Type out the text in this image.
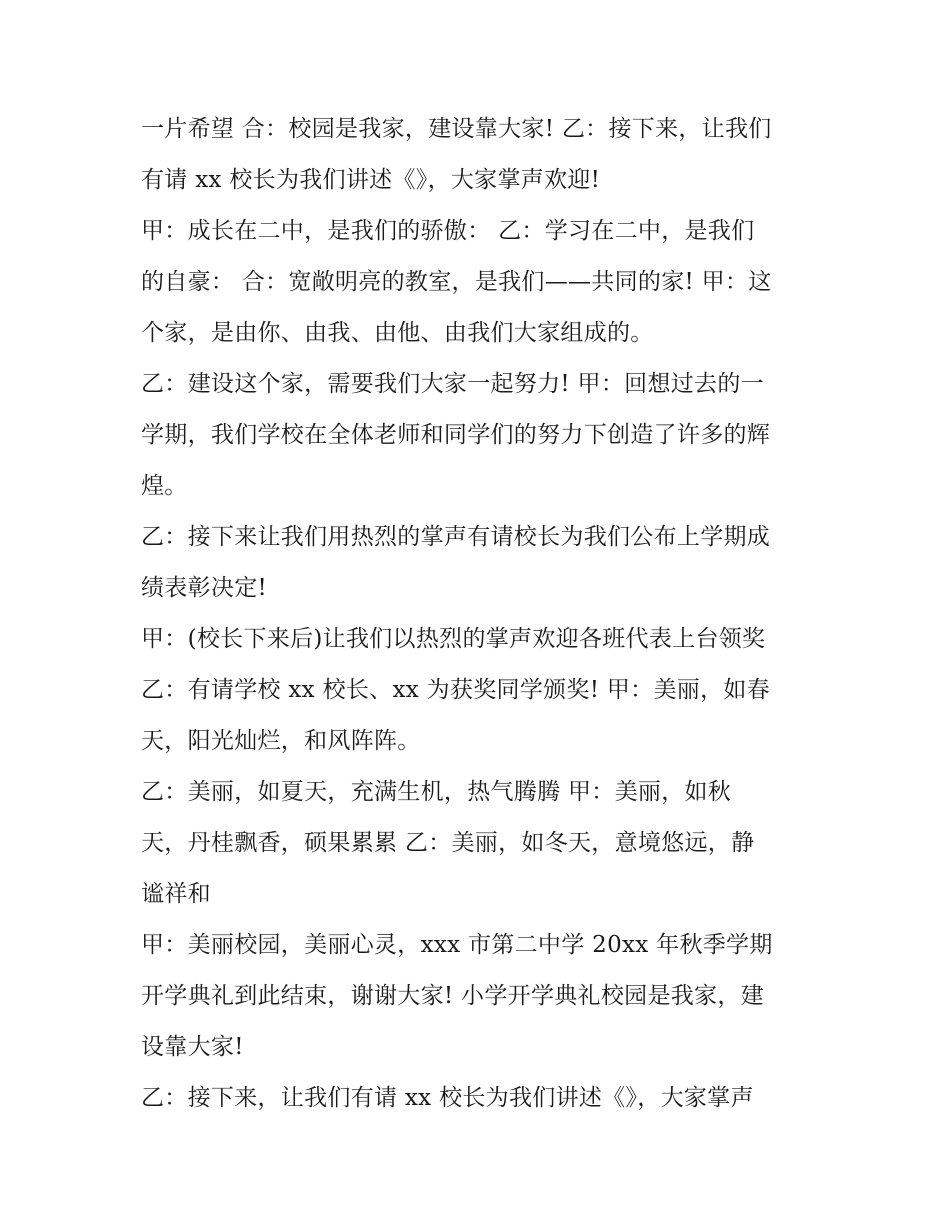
一片希望 合：校园是我家，建设靠大家! 乙：接下来，让我们
有请 xx 校长为我们讲述《》，大家掌声欢迎!
甲：成长在二中，是我们的骄傲： 乙：学习在二中，是我们
的自豪： 合：宽敞明亮的教室，是我们——共同的家! 甲：这
个家，是由你、由我、由他、由我们大家组成的。
乙：建设这个家，需要我们大家一起努力! 甲：回想过去的一
学期，我们学校在全体老师和同学们的努力下创造了许多的辉
煌。
乙：接下来让我们用热烈的掌声有请校长为我们公布上学期成
绩表彰决定!
甲：(校长下来后)让我们以热烈的掌声欢迎各班代表上台领奖
乙：有请学校 xx 校长、xx 为获奖同学颁奖! 甲：美丽，如春
天，阳光灿烂，和风阵阵。
乙：美丽，如夏天，充满生机，热气腾腾 甲：美丽，如秋
天，丹桂飘香，硕果累累 乙：美丽，如冬天，意境悠远，静
谧祥和
甲：美丽校园，美丽心灵，xxx 市第二中学 20xx 年秋季学期
开学典礼到此结束，谢谢大家! 小学开学典礼校园是我家，建
设靠大家!
乙：接下来，让我们有请 xx 校长为我们讲述《》，大家掌声
